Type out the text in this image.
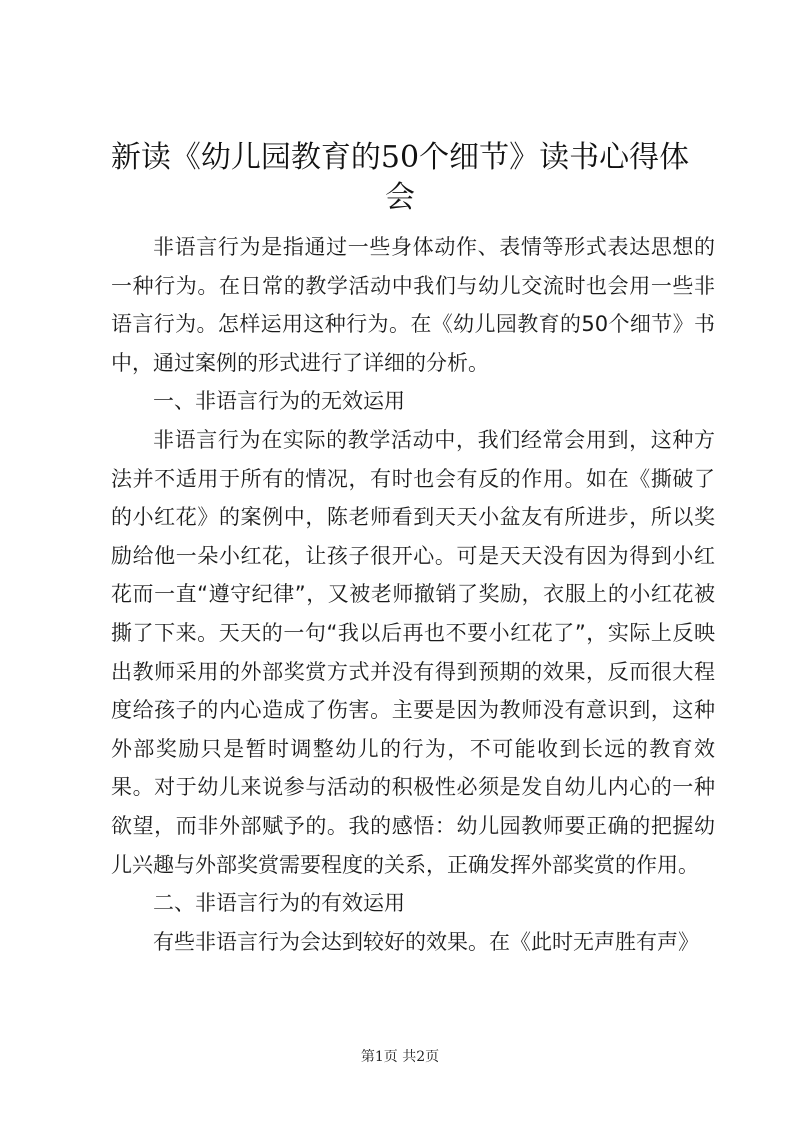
新读《幼儿园教育的50个细节》读书心得体会

非语言行为是指通过一些身体动作、表情等形式表达思想的一种行为。在日常的教学活动中我们与幼儿交流时也会用一些非语言行为。怎样运用这种行为。在《幼儿园教育的50个细节》书中，通过案例的形式进行了详细的分析。

一、非语言行为的无效运用

非语言行为在实际的教学活动中，我们经常会用到，这种方法并不适用于所有的情况，有时也会有反的作用。如在《撕破了的小红花》的案例中，陈老师看到天天小盆友有所进步，所以奖励给他一朵小红花，让孩子很开心。可是天天没有因为得到小红花而一直“遵守纪律”，又被老师撤销了奖励，衣服上的小红花被撕了下来。天天的一句“我以后再也不要小红花了”，实际上反映出教师采用的外部奖赏方式并没有得到预期的效果，反而很大程度给孩子的内心造成了伤害。主要是因为教师没有意识到，这种外部奖励只是暂时调整幼儿的行为，不可能收到长远的教育效果。对于幼儿来说参与活动的积极性必须是发自幼儿内心的一种欲望，而非外部赋予的。我的感悟：幼儿园教师要正确的把握幼儿兴趣与外部奖赏需要程度的关系，正确发挥外部奖赏的作用。

二、非语言行为的有效运用

有些非语言行为会达到较好的效果。在《此时无声胜有声》

第1页 共2页
